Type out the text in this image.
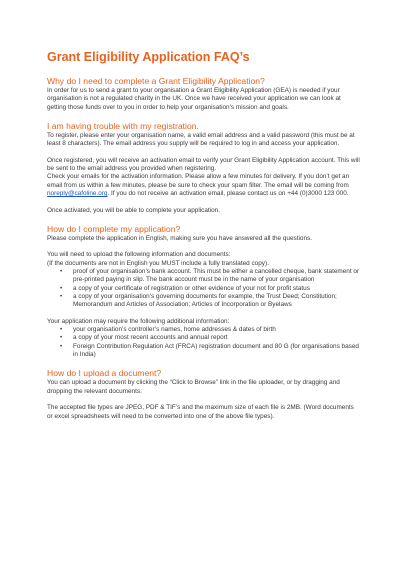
Grant Eligibility Application FAQ’s
Why do I need to complete a Grant Eligibility Application?

In order for us to send a grant to your organisation a Grant Eligibility Application (GEA) is needed if your organisation is not a regulated charity in the UK. Once we have received your application we can look at getting those funds over to you in order to help your organisation’s mission and goals.

I am having trouble with my registration.

To register, please enter your organisation name, a valid email address and a valid password (this must be at least 8 characters). The email address you supply will be required to log in and access your application.

Once registered, you will receive an activation email to verify your Grant Eligibility Application account. This will be sent to the email address you provided when registering.

Check your emails for the activation information. Please allow a few minutes for delivery. If you don’t get an email from us within a few minutes, please be sure to check your spam filter. The email will be coming from noreply@cafoline.org. If you do not receive an activation email, please contact us on +44 (0)3000 123 000.

Once activated, you will be able to complete your application.

How do I complete my application?

Please complete the application in English, making sure you have answered all the questions.

You will need to upload the following information and documents:

(If the documents are not in English you MUST include a fully translated copy).

• proof of your organisation’s bank account. This must be either a cancelled cheque, bank statement or pre-printed paying in slip. The bank account must be in the name of your organisation
• a copy of your certificate of registration or other evidence of your not for profit status
• a copy of your organisation’s governing documents for example, the Trust Deed; Constitution; Memorandum and Articles of Association; Articles of Incorporation or Byelaws

Your application may require the following additional information:

• your organisation’s controller’s names, home addresses & dates of birth
• a copy of your most recent accounts and annual report
• Foreign Contribution Regulation Act (FRCA) registration document and 80 G (for organisations based in India)
How do I upload a document?

You can upload a document by clicking the “Click to Browse” link in the file uploader, or by dragging and dropping the relevant documents.

The accepted file types are JPEG, PDF & TIF’s and the maximum size of each file is 2MB. (Word documents or excel spreadsheets will need to be converted into one of the above file types).
